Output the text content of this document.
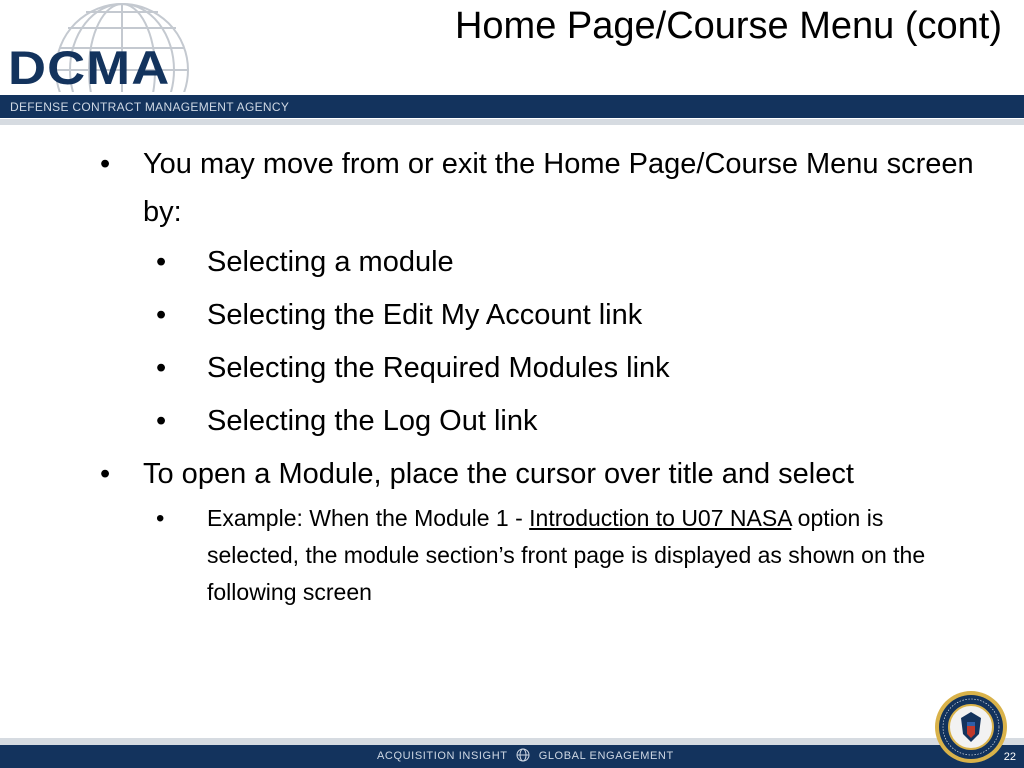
DCMA
Home Page/Course Menu (cont)
DEFENSE CONTRACT MANAGEMENT AGENCY
• You may move from or exit the Home Page/Course Menu screen by:
• Selecting a module
• Selecting the Edit My Account link
• Selecting the Required Modules link
• Selecting the Log Out link
• To open a Module, place the cursor over title and select
• Example: When the Module 1 - Introduction to U07 NASA option is selected, the module section’s front page is displayed as shown on the following screen
ACQUISITION INSIGHT	GLOBAL ENGAGEMENT	22
